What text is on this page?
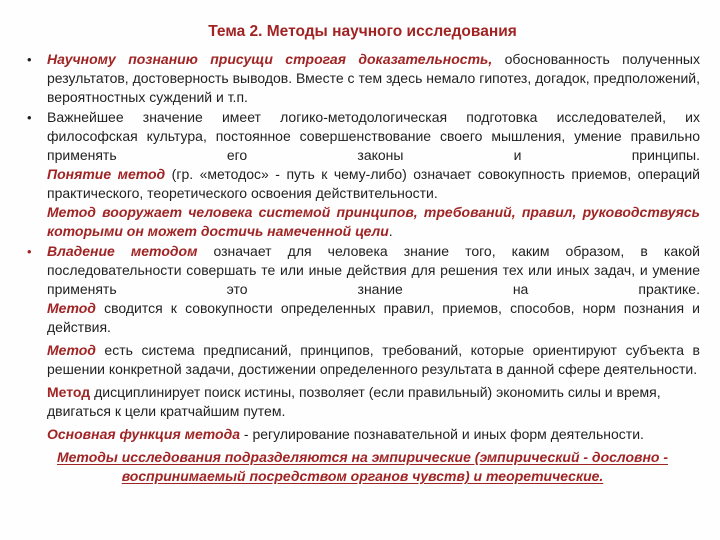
Тема 2. Методы научного исследования
• Научному познанию присущи строгая доказательность, обоснованность полученных результатов, достоверность выводов. Вместе с тем здесь немало гипотез, догадок, предположений, вероятностных суждений и т.п.
• Важнейшее значение имеет логико-методологическая подготовка исследователей, их философская культура, постоянное совершенствование своего мышления, умение правильно применять его законы и принципы.
Понятие метод (гр. «методос» - путь к чему-либо) означает совокупность приемов, операций практического, теоретического освоения действительности.
Метод вооружает человека системой принципов, требований, правил, руководствуясь которыми он может достичь намеченной цели.
• Владение методом означает для человека знание того, каким образом, в какой последовательности совершать те или иные действия для решения тех или иных задач, и умение применять это знание на практике.
Метод сводится к совокупности определенных правил, приемов, способов, норм познания и действия.
Метод есть система предписаний, принципов, требований, которые ориентируют субъекта в решении конкретной задачи, достижении определенного результата в данной сфере деятельности.
Метод дисциплинирует поиск истины, позволяет (если правильный) экономить силы и время, двигаться к цели кратчайшим путем.
Основная функция метода - регулирование познавательной и иных форм деятельности.
Методы исследования подразделяются на эмпирические (эмпирический - дословно - воспринимаемый посредством органов чувств) и теоретические.
